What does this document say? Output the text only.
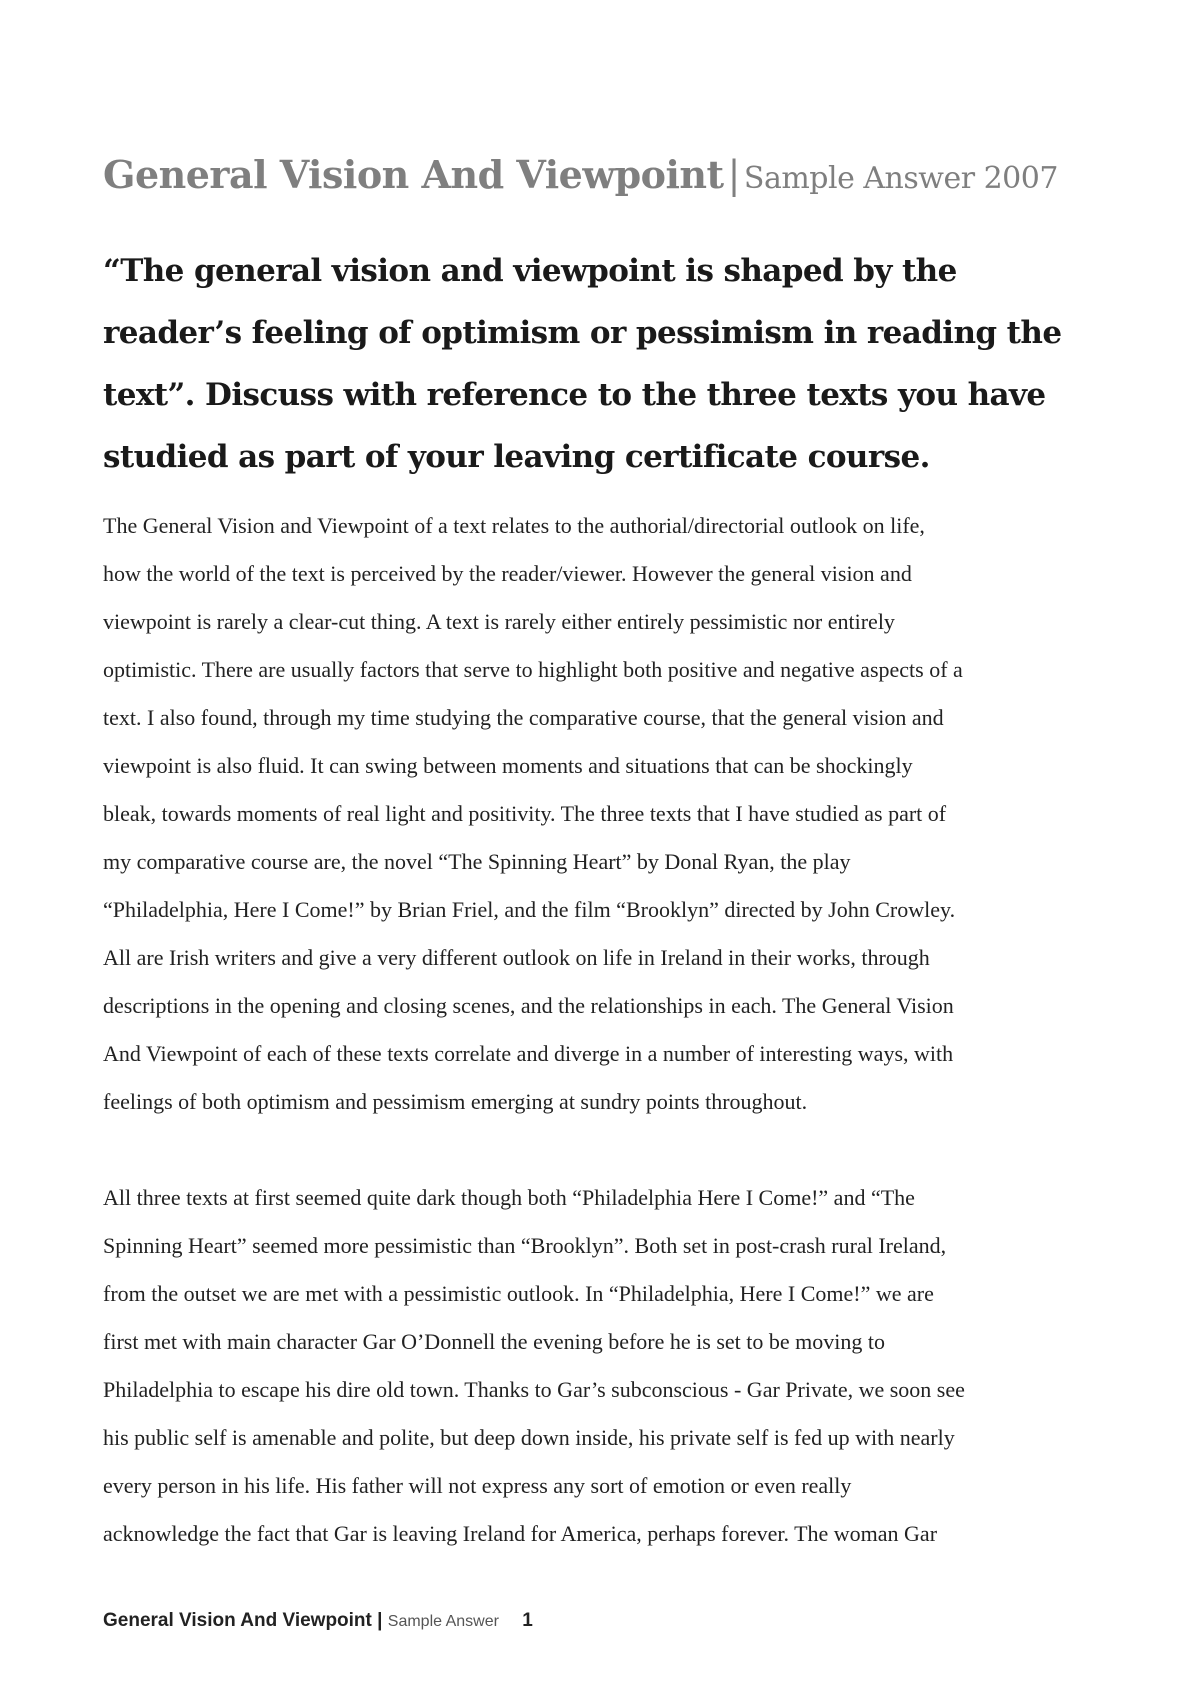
General Vision And Viewpoint | Sample Answer 2007
“The general vision and viewpoint is shaped by the
reader’s feeling of optimism or pessimism in reading the
text”. Discuss with reference to the three texts you have
studied as part of your leaving certificate course.

The General Vision and Viewpoint of a text relates to the authorial/directorial outlook on life,
how the world of the text is perceived by the reader/viewer. However the general vision and
viewpoint is rarely a clear-cut thing. A text is rarely either entirely pessimistic nor entirely
optimistic. There are usually factors that serve to highlight both positive and negative aspects of a
text. I also found, through my time studying the comparative course, that the general vision and
viewpoint is also fluid. It can swing between moments and situations that can be shockingly
bleak, towards moments of real light and positivity. The three texts that I have studied as part of
my comparative course are, the novel “The Spinning Heart” by Donal Ryan, the play
“Philadelphia, Here I Come!” by Brian Friel, and the film “Brooklyn” directed by John Crowley.
All are Irish writers and give a very different outlook on life in Ireland in their works, through
descriptions in the opening and closing scenes, and the relationships in each. The General Vision
And Viewpoint of each of these texts correlate and diverge in a number of interesting ways, with
feelings of both optimism and pessimism emerging at sundry points throughout.

All three texts at first seemed quite dark though both “Philadelphia Here I Come!” and “The
Spinning Heart” seemed more pessimistic than “Brooklyn”. Both set in post-crash rural Ireland,
from the outset we are met with a pessimistic outlook. In “Philadelphia, Here I Come!” we are
first met with main character Gar O’Donnell the evening before he is set to be moving to
Philadelphia to escape his dire old town. Thanks to Gar’s subconscious - Gar Private, we soon see
his public self is amenable and polite, but deep down inside, his private self is fed up with nearly
every person in his life. His father will not express any sort of emotion or even really
acknowledge the fact that Gar is leaving Ireland for America, perhaps forever. The woman Gar

General Vision And Viewpoint | Sample Answer 1
